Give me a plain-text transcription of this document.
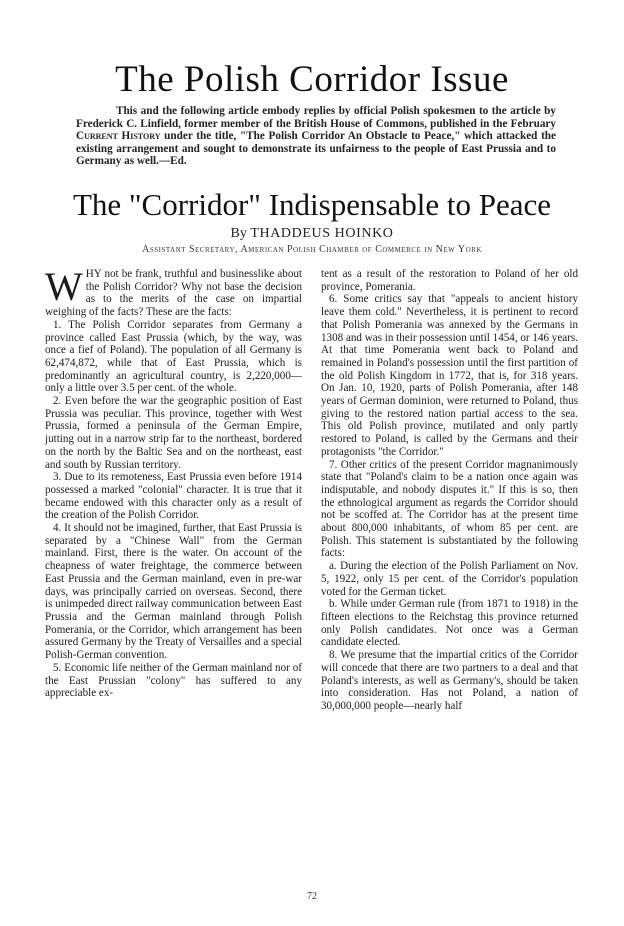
The Polish Corridor Issue

This and the following article embody replies by official Polish spokesmen to the article by Frederick C. Linfield, former member of the British House of Commons, published in the February Current History under the title, "The Polish Corridor An Obstacle to Peace," which attacked the existing arrangement and sought to demonstrate its unfairness to the people of East Prussia and to Germany as well.—Ed.

The "Corridor" Indispensable to Peace
By THADDEUS HOINKO
Assistant Secretary, American Polish Chamber of Commerce in New York

WHY not be frank, truthful and businesslike about the Polish Corridor? Why not base the decision as to the merits of the case on impartial weighing of the facts? These are the facts:

1. The Polish Corridor separates from Germany a province called East Prussia (which, by the way, was once a fief of Poland). The population of all Germany is 62,474,872, while that of East Prussia, which is predominantly an agricultural country, is 2,220,000—only a little over 3.5 per cent. of the whole.

2. Even before the war the geographic position of East Prussia was peculiar. This province, together with West Prussia, formed a peninsula of the German Empire, jutting out in a narrow strip far to the northeast, bordered on the north by the Baltic Sea and on the northeast, east and south by Russian territory.

3. Due to its remoteness, East Prussia even before 1914 possessed a marked "colonial" character. It is true that it became endowed with this character only as a result of the creation of the Polish Corridor.

4. It should not be imagined, further, that East Prussia is separated by a "Chinese Wall" from the German mainland. First, there is the water. On account of the cheapness of water freightage, the commerce between East Prussia and the German mainland, even in pre-war days, was principally carried on overseas. Second, there is unimpeded direct railway communication between East Prussia and the German mainland through Polish Pomerania, or the Corridor, which arrangement has been assured Germany by the Treaty of Versailles and a special Polish-German convention.

5. Economic life neither of the German mainland nor of the East Prussian "colony" has suffered to any appreciable ex-

tent as a result of the restoration to Poland of her old province, Pomerania.

6. Some critics say that "appeals to ancient history leave them cold." Nevertheless, it is pertinent to record that Polish Pomerania was annexed by the Germans in 1308 and was in their possession until 1454, or 146 years. At that time Pomerania went back to Poland and remained in Poland's possession until the first partition of the old Polish Kingdom in 1772, that is, for 318 years. On Jan. 10, 1920, parts of Polish Pomerania, after 148 years of German dominion, were returned to Poland, thus giving to the restored nation partial access to the sea. This old Polish province, mutilated and only partly restored to Poland, is called by the Germans and their protagonists "the Corridor."

7. Other critics of the present Corridor magnanimously state that "Poland's claim to be a nation once again was indisputable, and nobody disputes it." If this is so, then the ethnological argument as regards the Corridor should not be scoffed at. The Corridor has at the present time about 800,000 inhabitants, of whom 85 per cent. are Polish. This statement is substantiated by the following facts:

a. During the election of the Polish Parliament on Nov. 5, 1922, only 15 per cent. of the Corridor's population voted for the German ticket.

b. While under German rule (from 1871 to 1918) in the fifteen elections to the Reichstag this province returned only Polish candidates. Not once was a German candidate elected.

8. We presume that the impartial critics of the Corridor will concede that there are two partners to a deal and that Poland's interests, as well as Germany's, should be taken into consideration. Has not Poland, a nation of 30,000,000 people—nearly half

72
